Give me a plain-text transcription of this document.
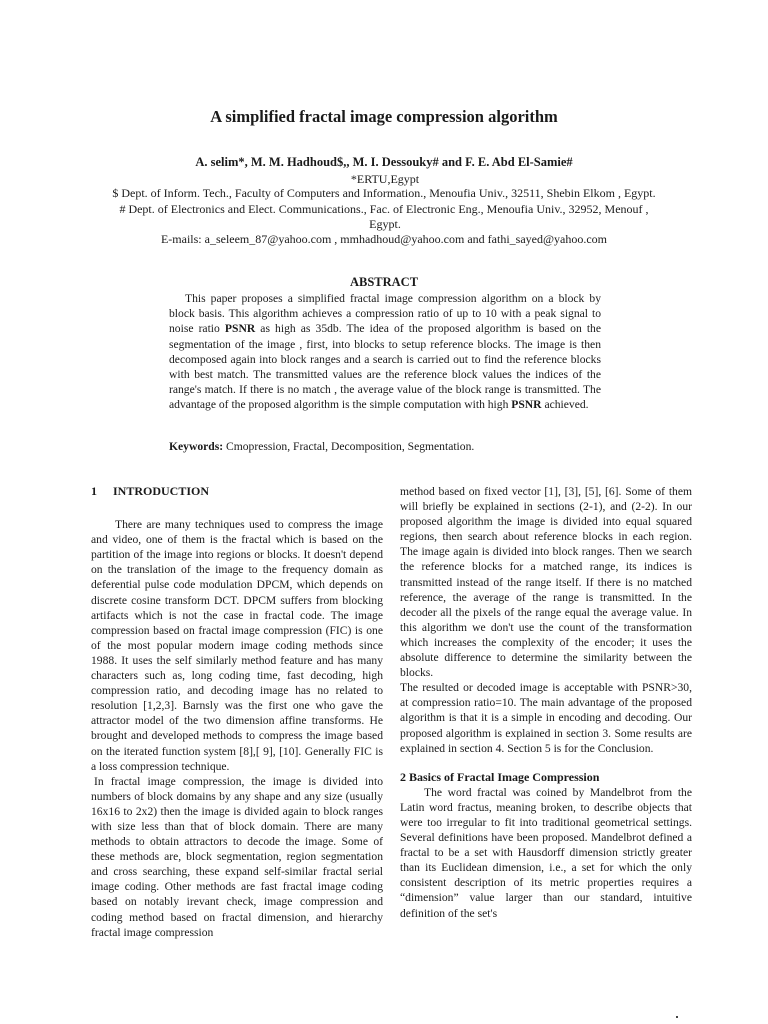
A simplified fractal image compression algorithm
A. selim*, M. M. Hadhoud$,, M. I. Dessouky# and F. E. Abd El-Samie#
*ERTU,Egypt
$ Dept. of Inform. Tech., Faculty of Computers and Information., Menoufia Univ., 32511, Shebin Elkom , Egypt.
# Dept. of Electronics and Elect. Communications., Fac. of Electronic Eng., Menoufia Univ., 32952, Menouf ,
Egypt.
E-mails: a_seleem_87@yahoo.com , mmhadhoud@yahoo.com and fathi_sayed@yahoo.com
ABSTRACT
This paper proposes a simplified fractal image compression algorithm on a block by block basis. This algorithm achieves a compression ratio of up to 10 with a peak signal to noise ratio PSNR as high as 35db. The idea of the proposed algorithm is based on the segmentation of the image , first, into blocks to setup reference blocks. The image is then decomposed again into block ranges and a search is carried out to find the reference blocks with best match. The transmitted values are the reference block values the indices of the range's match. If there is no match , the average value of the block range is transmitted. The advantage of the proposed algorithm is the simple computation with high PSNR achieved.
Keywords: Cmopression, Fractal, Decomposition, Segmentation.

1 INTRODUCTION

There are many techniques used to compress the image and video, one of them is the fractal which is based on the partition of the image into regions or blocks. It doesn't depend on the translation of the image to the frequency domain as deferential pulse code modulation DPCM, which depends on discrete cosine transform DCT. DPCM suffers from blocking artifacts which is not the case in fractal code. The image compression based on fractal image compression (FIC) is one of the most popular modern image coding methods since 1988. It uses the self similarly method feature and has many characters such as, long coding time, fast decoding, high compression ratio, and decoding image has no related to resolution [1,2,3]. Barnsly was the first one who gave the attractor model of the two dimension affine transforms. He brought and developed methods to compress the image based on the iterated function system [8],[ 9], [10]. Generally FIC is a loss compression technique.

In fractal image compression, the image is divided into numbers of block domains by any shape and any size (usually 16x16 to 2x2) then the image is divided again to block ranges with size less than that of block domain. There are many methods to obtain attractors to decode the image. Some of these methods are, block segmentation, region segmentation and cross searching, these expand self-similar fractal serial image coding. Other methods are fast fractal image coding based on notably irevant check, image compression and coding method based on fractal dimension, and hierarchy fractal image compression

method based on fixed vector [1], [3], [5], [6]. Some of them will briefly be explained in sections (2-1), and (2-2). In our proposed algorithm the image is divided into equal squared regions, then search about reference blocks in each region. The image again is divided into block ranges. Then we search the reference blocks for a matched range, its indices is transmitted instead of the range itself. If there is no matched reference, the average of the range is transmitted. In the decoder all the pixels of the range equal the average value. In this algorithm we don't use the count of the transformation which increases the complexity of the encoder; it uses the absolute difference to determine the similarity between the blocks.

The resulted or decoded image is acceptable with PSNR>30, at compression ratio=10. The main advantage of the proposed algorithm is that it is a simple in encoding and decoding. Our proposed algorithm is explained in section 3. Some results are explained in section 4. Section 5 is for the Conclusion.

2 Basics of Fractal Image Compression

The word fractal was coined by Mandelbrot from the Latin word fractus, meaning broken, to describe objects that were too irregular to fit into traditional geometrical settings. Several definitions have been proposed. Mandelbrot defined a fractal to be a set with Hausdorff dimension strictly greater than its Euclidean dimension, i.e., a set for which the only consistent description of its metric properties requires a “dimension” value larger than our standard, intuitive definition of the set's
